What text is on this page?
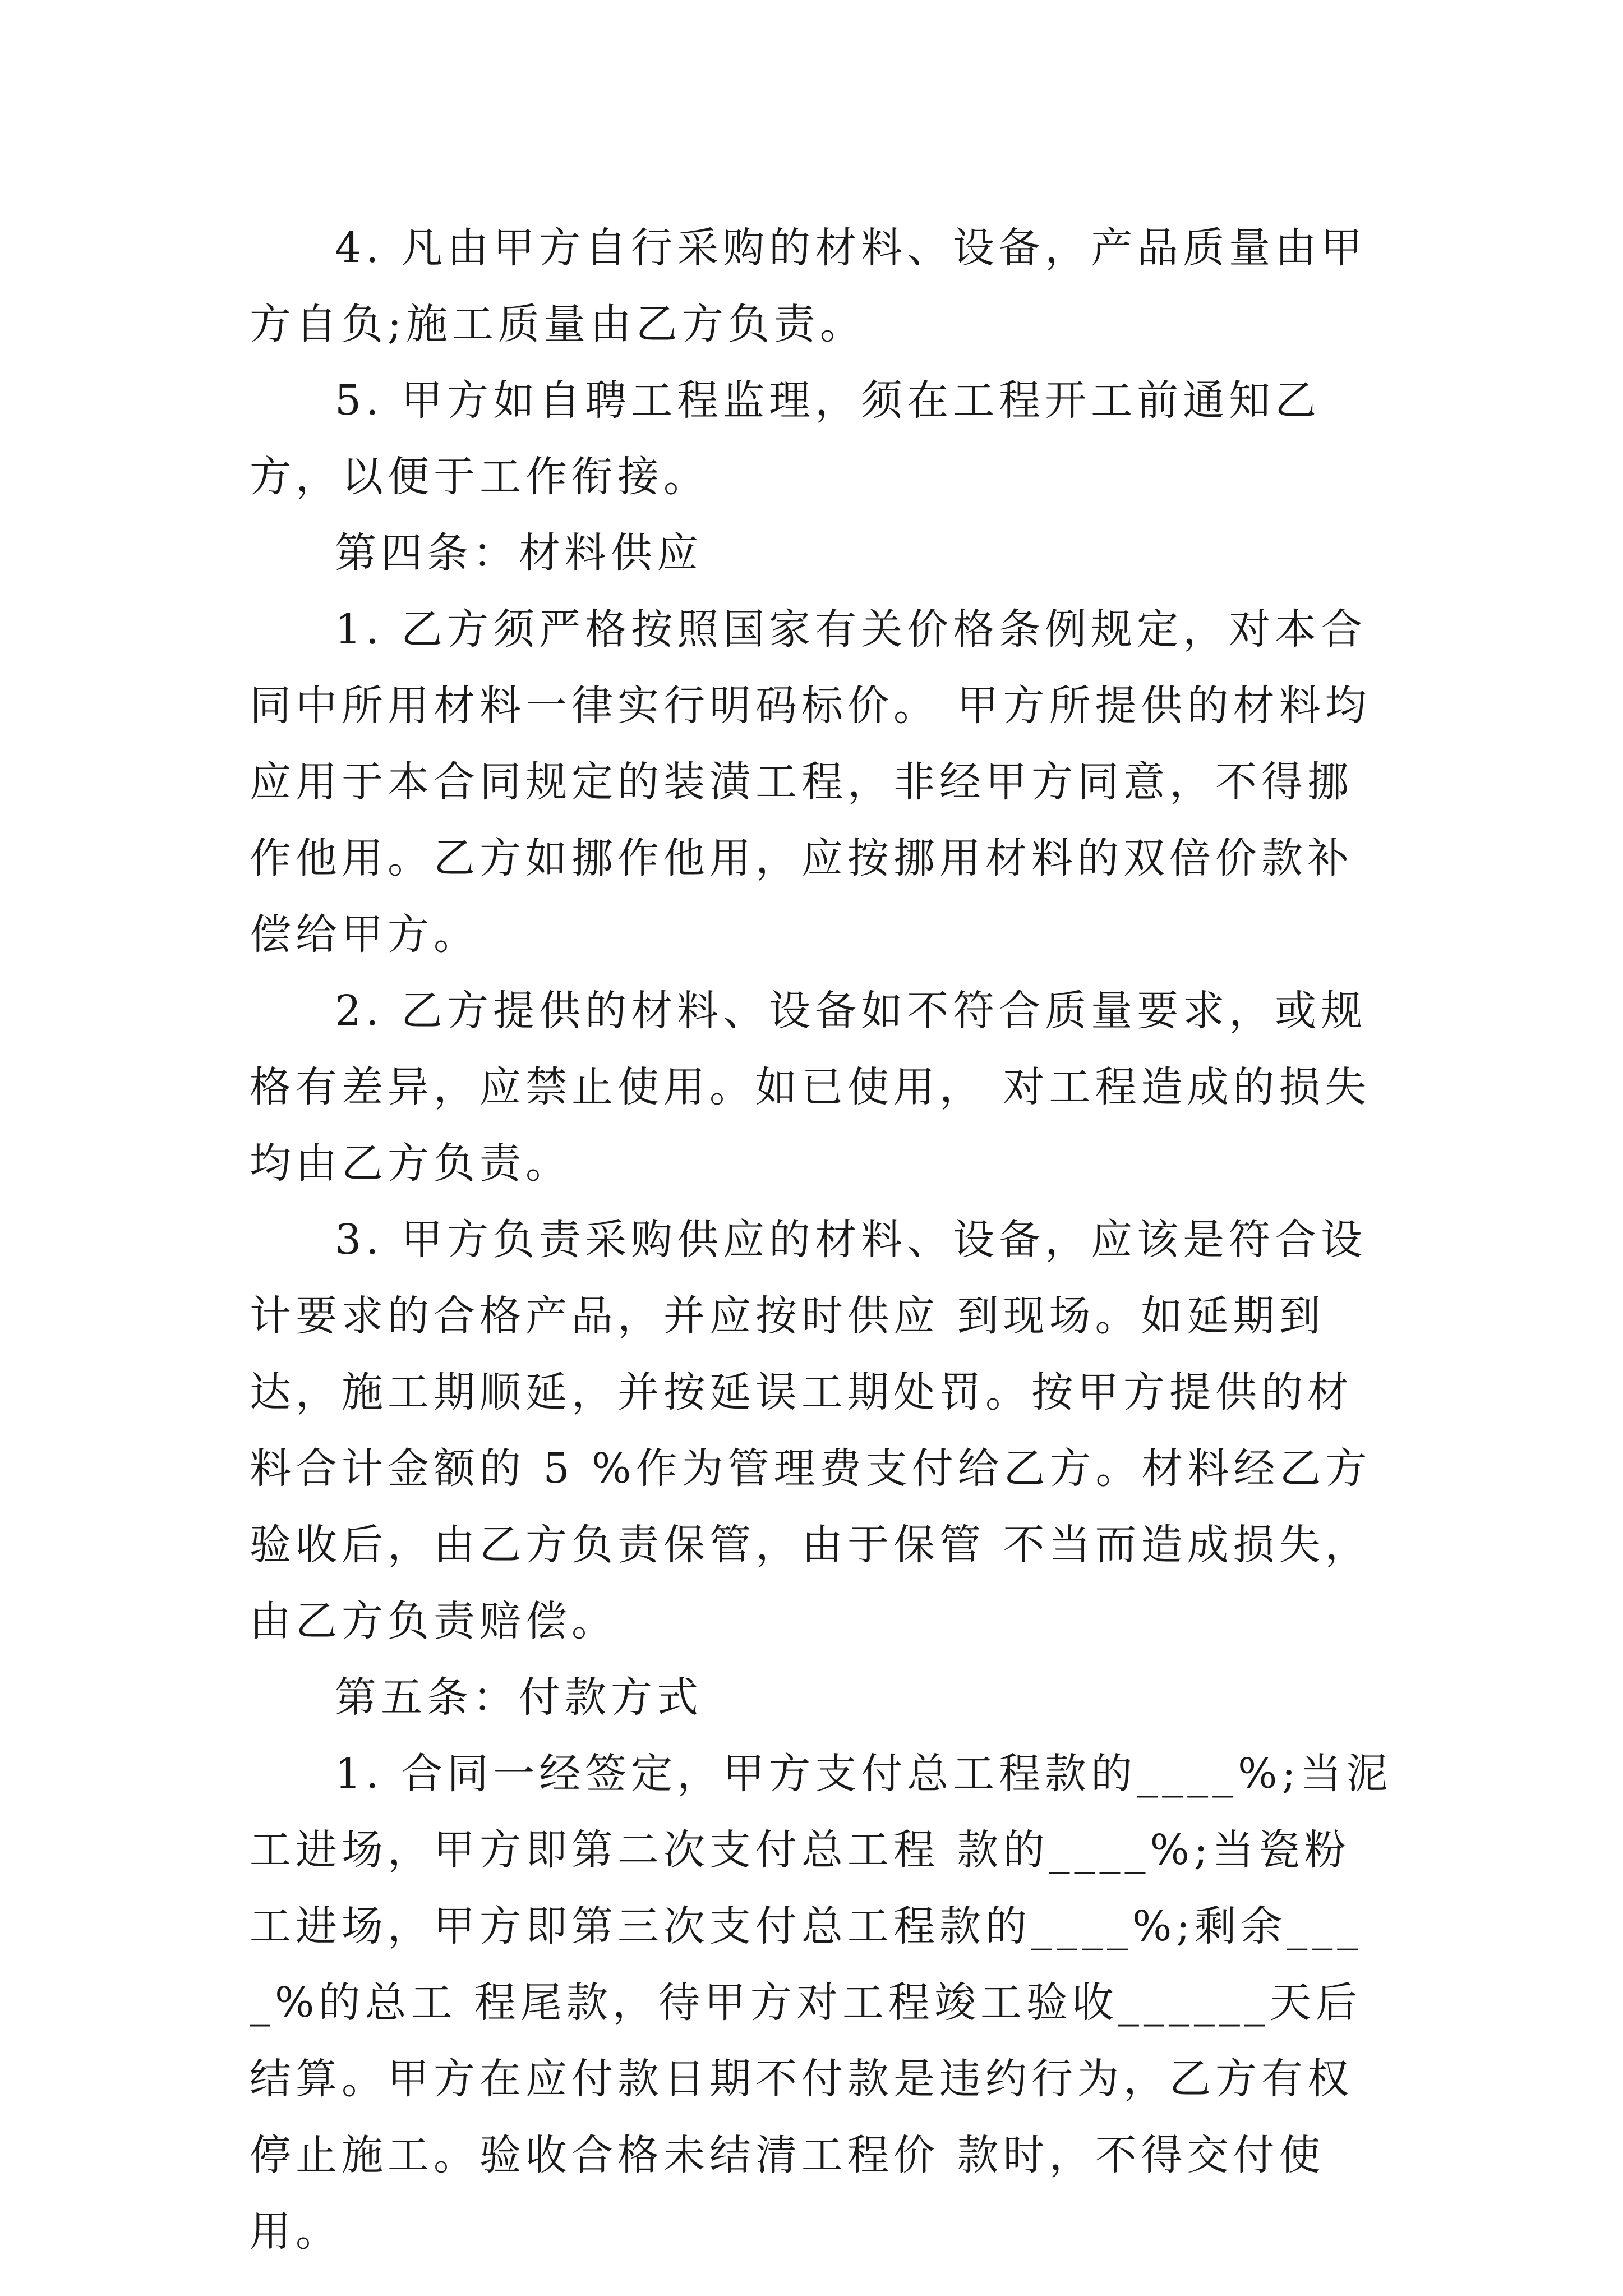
4. 凡由甲方自行采购的材料、设备，产品质量由甲方自负;施工质量由乙方负责。

5. 甲方如自聘工程监理，须在工程开工前通知乙方，以便于工作衔接。

第四条：材料供应

1. 乙方须严格按照国家有关价格条例规定，对本合同中所用材料一律实行明码标价。 甲方所提供的材料均应用于本合同规定的装潢工程，非经甲方同意，不得挪作他用。乙方如挪作他用，应按挪用材料的双倍价款补偿给甲方。

2. 乙方提供的材料、设备如不符合质量要求，或规格有差异，应禁止使用。如已使用， 对工程造成的损失均由乙方负责。

3. 甲方负责采购供应的材料、设备，应该是符合设计要求的合格产品，并应按时供应 到现场。如延期到达，施工期顺延，并按延误工期处罚。按甲方提供的材料合计金额的 5 %作为管理费支付给乙方。材料经乙方验收后，由乙方负责保管，由于保管 不当而造成损失，由乙方负责赔偿。

第五条：付款方式

1. 合同一经签定，甲方支付总工程款的____%;当泥工进场，甲方即第二次支付总工程 款的____%;当瓷粉工进场，甲方即第三次支付总工程款的____%;剩余____%的总工 程尾款，待甲方对工程竣工验收______天后结算。甲方在应付款日期不付款是违约行为，乙方有权停止施工。验收合格未结清工程价 款时，不得交付使用。
